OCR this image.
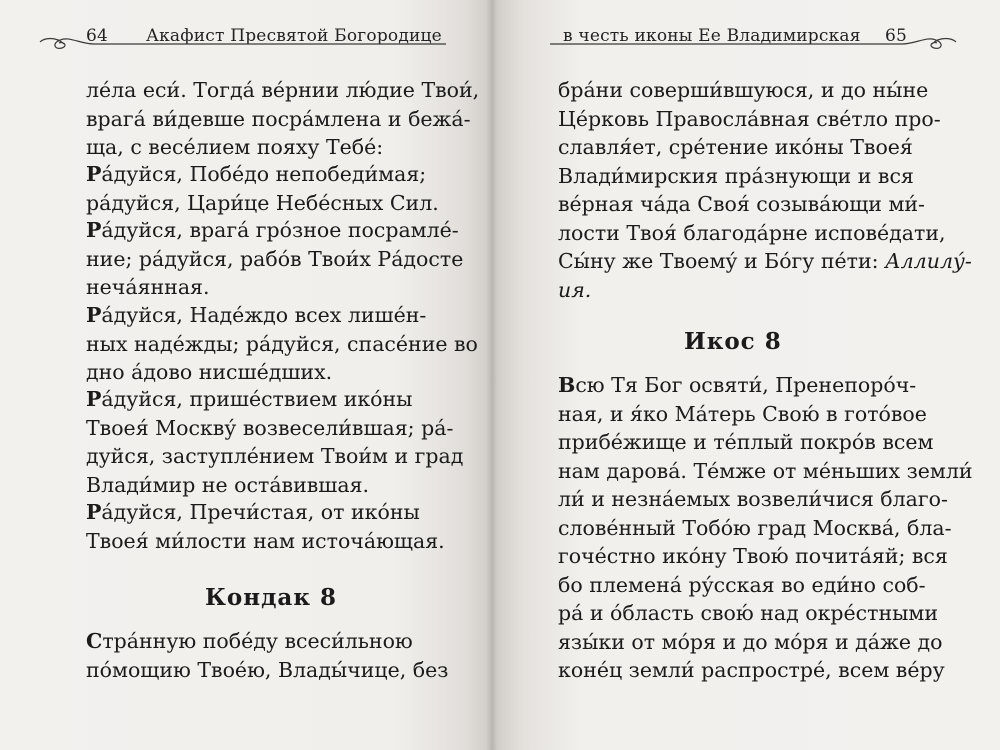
64 Акафист Пресвятой Богородице
ле́ла еси́. Тогда́ ве́рнии лю́дие Твои́,
врага́ ви́девше посра́млена и бежа́-
ща, с весе́лием пояху Тебе́:
Ра́дуйся, Побе́до непобеди́мая;
ра́дуйся, Цари́це Небе́сных Сил.
Ра́дуйся, врага́ гро́зное посрамле́-
ние; ра́дуйся, рабо́в Твои́х Ра́досте
неча́янная.
Ра́дуйся, Наде́ждо всех лише́н-
ных наде́жды; ра́дуйся, спасе́ние во
дно а́дово нисше́дших.
Ра́дуйся, прише́ствием ико́ны
Твоея́ Москву́ возвесели́вшая; ра́-
дуйся, заступле́нием Твои́м и град
Влади́мир не оста́вившая.
Ра́дуйся, Пречи́стая, от ико́ны
Твоея́ ми́лости нам источа́ющая.
Кондак 8
Стра́нную побе́ду всеси́льною
по́мощию Твое́ю, Влады́чице, без
в честь иконы Ее Владимирская 65
бра́ни соверши́вшуюся, и до ны́не
Це́рковь Правосла́вная све́тло про-
славля́ет, сре́тение ико́ны Твоея́
Влади́мирския пра́знующи и вся
ве́рная ча́да Своя́ созыва́ющи ми́-
лости Твоя́ благода́рне испове́дати,
Сы́ну же Твоему́ и Бо́гу пе́ти: Аллилу́-
ия.
Икос 8
Всю Тя Бог освяти́, Пренепоро́ч-
ная, и я́ко Ма́терь Свою́ в гото́вое
прибе́жище и те́плый покро́в всем
нам дарова́. Те́мже от ме́ньших земли́
ли́ и незна́емых возвели́чися благо-
слове́нный Тобо́ю град Москва́, бла-
гоче́стно ико́ну Твою́ почита́яй; вся
бо племена́ ру́сская во еди́но соб-
ра́ и о́бласть свою́ над окре́стными
язы́ки от мо́ря и до мо́ря и да́же до
коне́ц земли́ распростре́, всем ве́ру
